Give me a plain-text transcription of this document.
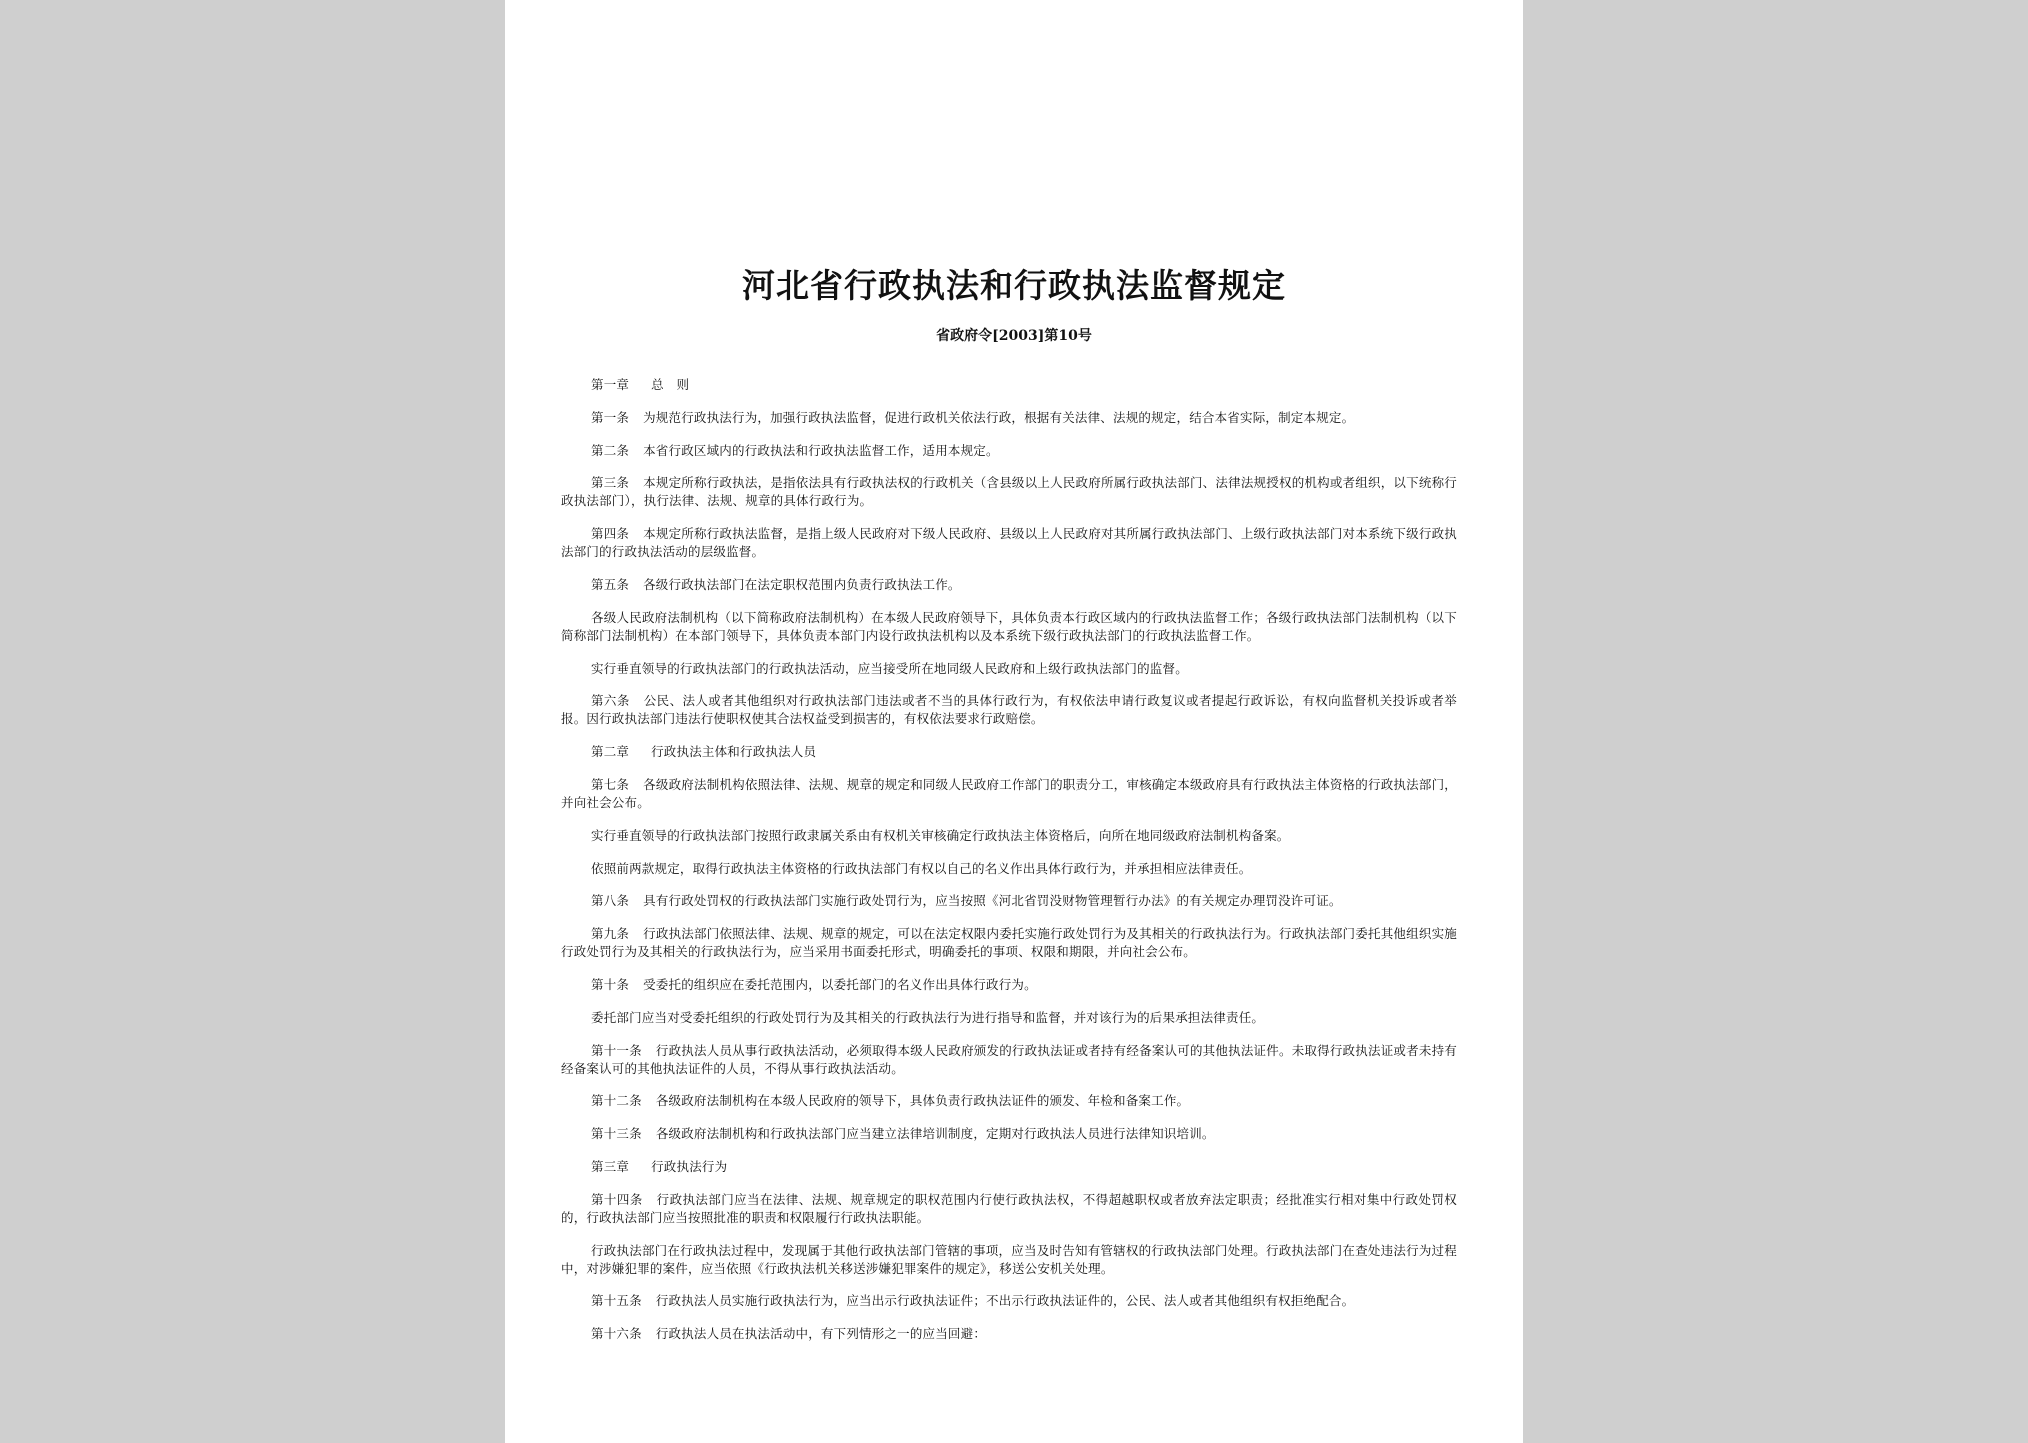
河北省行政执法和行政执法监督规定
省政府令[2003]第10号

第一章 总　则

第一条 为规范行政执法行为，加强行政执法监督，促进行政机关依法行政，根据有关法律、法规的规定，结合本省实际，制定本规定。

第二条 本省行政区域内的行政执法和行政执法监督工作，适用本规定。

第三条 本规定所称行政执法，是指依法具有行政执法权的行政机关（含县级以上人民政府所属行政执法部门、法律法规授权的机构或者组织，以下统称行政执法部门），执行法律、法规、规章的具体行政行为。

第四条 本规定所称行政执法监督，是指上级人民政府对下级人民政府、县级以上人民政府对其所属行政执法部门、上级行政执法部门对本系统下级行政执法部门的行政执法活动的层级监督。

第五条 各级行政执法部门在法定职权范围内负责行政执法工作。

各级人民政府法制机构（以下简称政府法制机构）在本级人民政府领导下，具体负责本行政区域内的行政执法监督工作；各级行政执法部门法制机构（以下简称部门法制机构）在本部门领导下，具体负责本部门内设行政执法机构以及本系统下级行政执法部门的行政执法监督工作。

实行垂直领导的行政执法部门的行政执法活动，应当接受所在地同级人民政府和上级行政执法部门的监督。

第六条 公民、法人或者其他组织对行政执法部门违法或者不当的具体行政行为，有权依法申请行政复议或者提起行政诉讼，有权向监督机关投诉或者举报。因行政执法部门违法行使职权使其合法权益受到损害的，有权依法要求行政赔偿。

第二章 行政执法主体和行政执法人员

第七条 各级政府法制机构依照法律、法规、规章的规定和同级人民政府工作部门的职责分工，审核确定本级政府具有行政执法主体资格的行政执法部门，并向社会公布。

实行垂直领导的行政执法部门按照行政隶属关系由有权机关审核确定行政执法主体资格后，向所在地同级政府法制机构备案。

依照前两款规定，取得行政执法主体资格的行政执法部门有权以自己的名义作出具体行政行为，并承担相应法律责任。

第八条 具有行政处罚权的行政执法部门实施行政处罚行为，应当按照《河北省罚没财物管理暂行办法》的有关规定办理罚没许可证。

第九条 行政执法部门依照法律、法规、规章的规定，可以在法定权限内委托实施行政处罚行为及其相关的行政执法行为。行政执法部门委托其他组织实施行政处罚行为及其相关的行政执法行为，应当采用书面委托形式，明确委托的事项、权限和期限，并向社会公布。

第十条 受委托的组织应在委托范围内，以委托部门的名义作出具体行政行为。

委托部门应当对受委托组织的行政处罚行为及其相关的行政执法行为进行指导和监督，并对该行为的后果承担法律责任。

第十一条 行政执法人员从事行政执法活动，必须取得本级人民政府颁发的行政执法证或者持有经备案认可的其他执法证件。未取得行政执法证或者未持有经备案认可的其他执法证件的人员，不得从事行政执法活动。

第十二条 各级政府法制机构在本级人民政府的领导下，具体负责行政执法证件的颁发、年检和备案工作。

第十三条 各级政府法制机构和行政执法部门应当建立法律培训制度，定期对行政执法人员进行法律知识培训。

第三章 行政执法行为

第十四条 行政执法部门应当在法律、法规、规章规定的职权范围内行使行政执法权，不得超越职权或者放弃法定职责；经批准实行相对集中行政处罚权的，行政执法部门应当按照批准的职责和权限履行行政执法职能。

行政执法部门在行政执法过程中，发现属于其他行政执法部门管辖的事项，应当及时告知有管辖权的行政执法部门处理。行政执法部门在查处违法行为过程中，对涉嫌犯罪的案件，应当依照《行政执法机关移送涉嫌犯罪案件的规定》，移送公安机关处理。

第十五条 行政执法人员实施行政执法行为，应当出示行政执法证件；不出示行政执法证件的，公民、法人或者其他组织有权拒绝配合。

第十六条 行政执法人员在执法活动中，有下列情形之一的应当回避：
